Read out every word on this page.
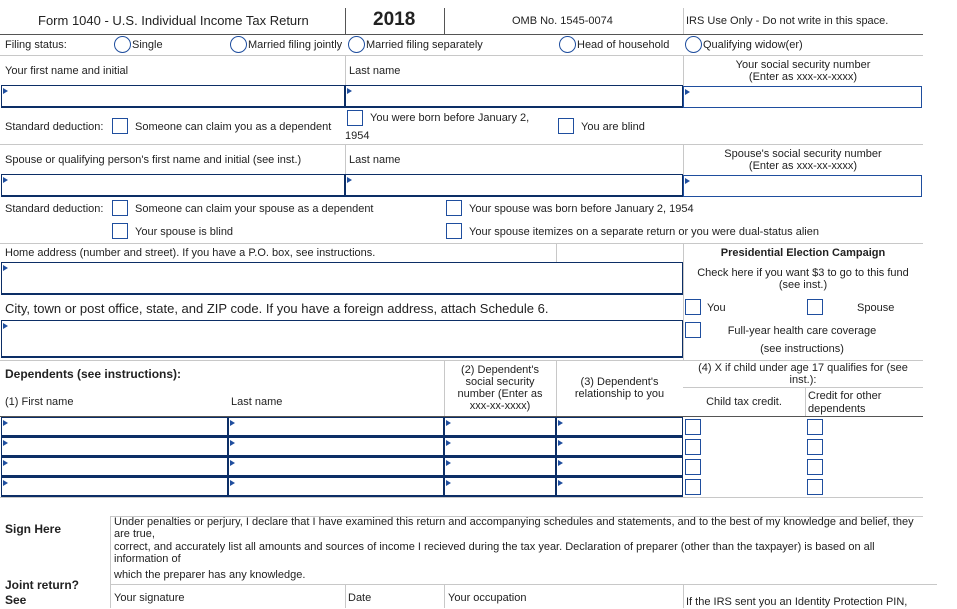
Form 1040 - U.S. Individual Income Tax Return	2018	OMB No. 1545-0074	IRS Use Only - Do not write in this space.
Filing status:	Single	Married filing jointly Married filing separately	Head of household	Qualifying widow(er)
Your first name and initial	Last name	Your social security number
(Enter as xxx-xx-xxxx)
Standard deduction:	Someone can claim you as a dependent
You were born before January 2,
1954
You are blind
Spouse or qualifying person's first name and initial (see inst.)	Last name	Spouse's social security number
(Enter as xxx-xx-xxxx)
Standard deduction:	Someone can claim your spouse as a dependent	Your spouse was born before January 2, 1954
Your spouse is blind	Your spouse itemizes on a separate return or you were dual-status alien
Home address (number and street). If you have a P.O. box, see instructions.
City, town or post office, state, and ZIP code. If you have a foreign address, attach Schedule 6.
Presidential Election Campaign
Check here if you want $3 to go to this fund
(see inst.)
You	Spouse
Full-year health care coverage
(see instructions)
Dependents (see instructions):
(1) First name	Last name
(2) Dependent's
social security
number (Enter as
xxx-xx-xxxx)
(3) Dependent's
relationship to you
(4) X if child under age 17 qualifies for (see
inst.):
Child tax credit.	Credit for other
dependents
Sign Here	Under penalties or perjury, I declare that I have examined this return and accompanying schedules and statements, and to the best of my knowledge and belief, they
are true,
correct, and accurately list all amounts and sources of income I recieved during the tax year. Declaration of preparer (other than the taxpayer) is based on all
information of
which the preparer has any knowledge.
Joint return?
See	Your signature	Date	Your occupation	If the IRS sent you an Identity Protection PIN,
